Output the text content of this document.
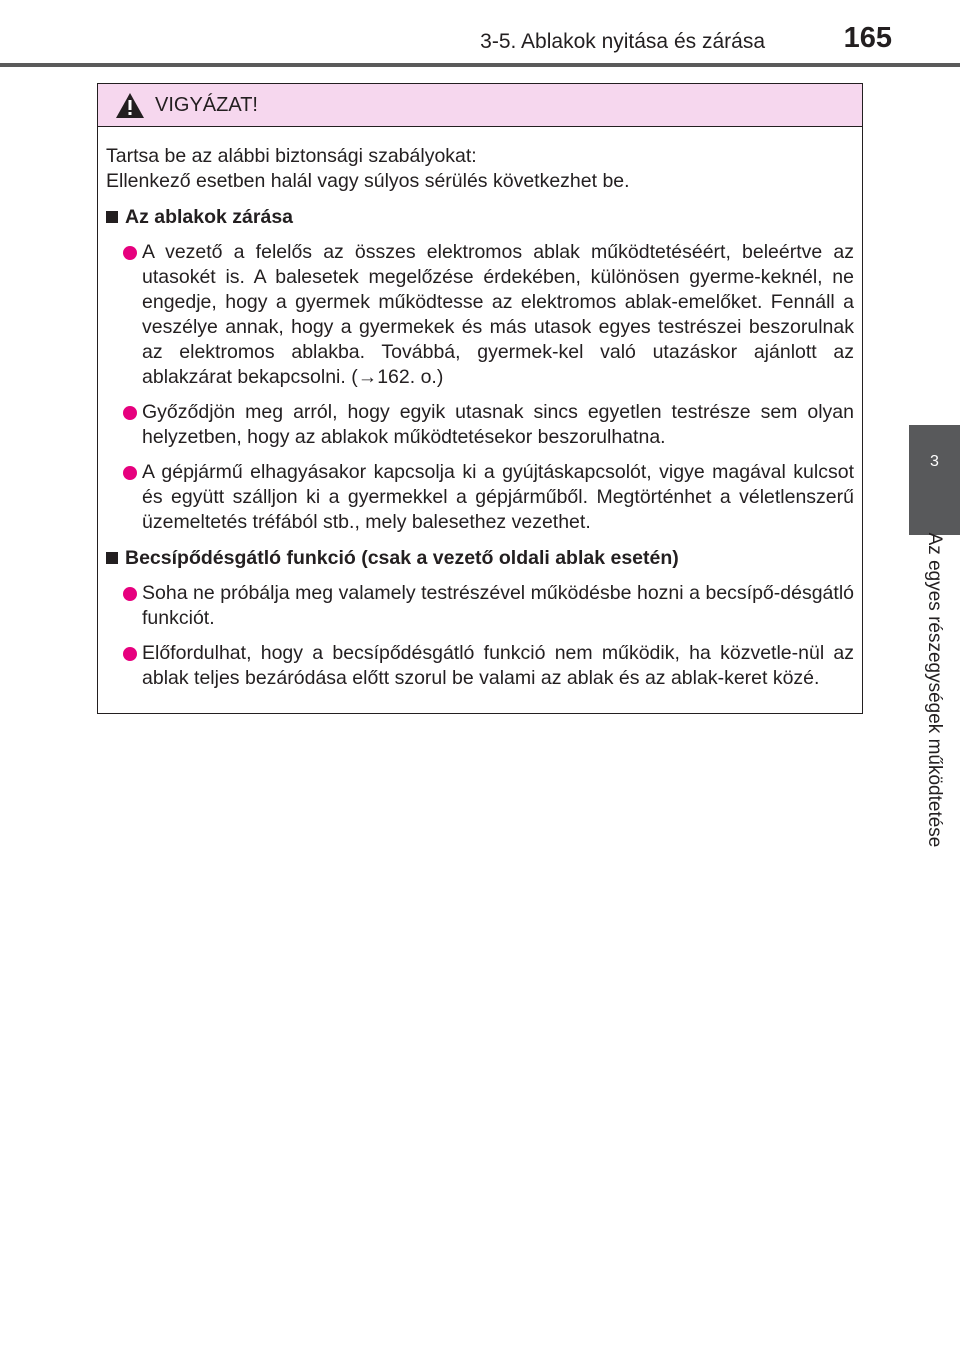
3-5. Ablakok nyitása és zárása	165
3
Az egyes részegységek működtetése
VIGYÁZAT!

Tartsa be az alábbi biztonsági szabályokat:

Ellenkező esetben halál vagy súlyos sérülés következhet be.

Az ablakok zárása
A vezető a felelős az összes elektromos ablak működtetéséért, beleértve az utasokét is. A balesetek megelőzése érdekében, különösen gyerme-keknél, ne engedje, hogy a gyermek működtesse az elektromos ablak-emelőket. Fennáll a veszélye annak, hogy a gyermekek és más utasok egyes testrészei beszorulnak az elektromos ablakba. Továbbá, gyermek-kel való utazáskor ajánlott az ablakzárat bekapcsolni. (→162. o.)
Győződjön meg arról, hogy egyik utasnak sincs egyetlen testrésze sem olyan helyzetben, hogy az ablakok működtetésekor beszorulhatna.
A gépjármű elhagyásakor kapcsolja ki a gyújtáskapcsolót, vigye magával kulcsot és együtt szálljon ki a gyermekkel a gépjárműből. Megtörténhet a véletlenszerű üzemeltetés tréfából stb., mely balesethez vezethet.
Becsípődésgátló funkció (csak a vezető oldali ablak esetén)
Soha ne próbálja meg valamely testrészével működésbe hozni a becsípő-désgátló funkciót.
Előfordulhat, hogy a becsípődésgátló funkció nem működik, ha közvetle-nül az ablak teljes bezáródása előtt szorul be valami az ablak és az ablak-keret közé.
